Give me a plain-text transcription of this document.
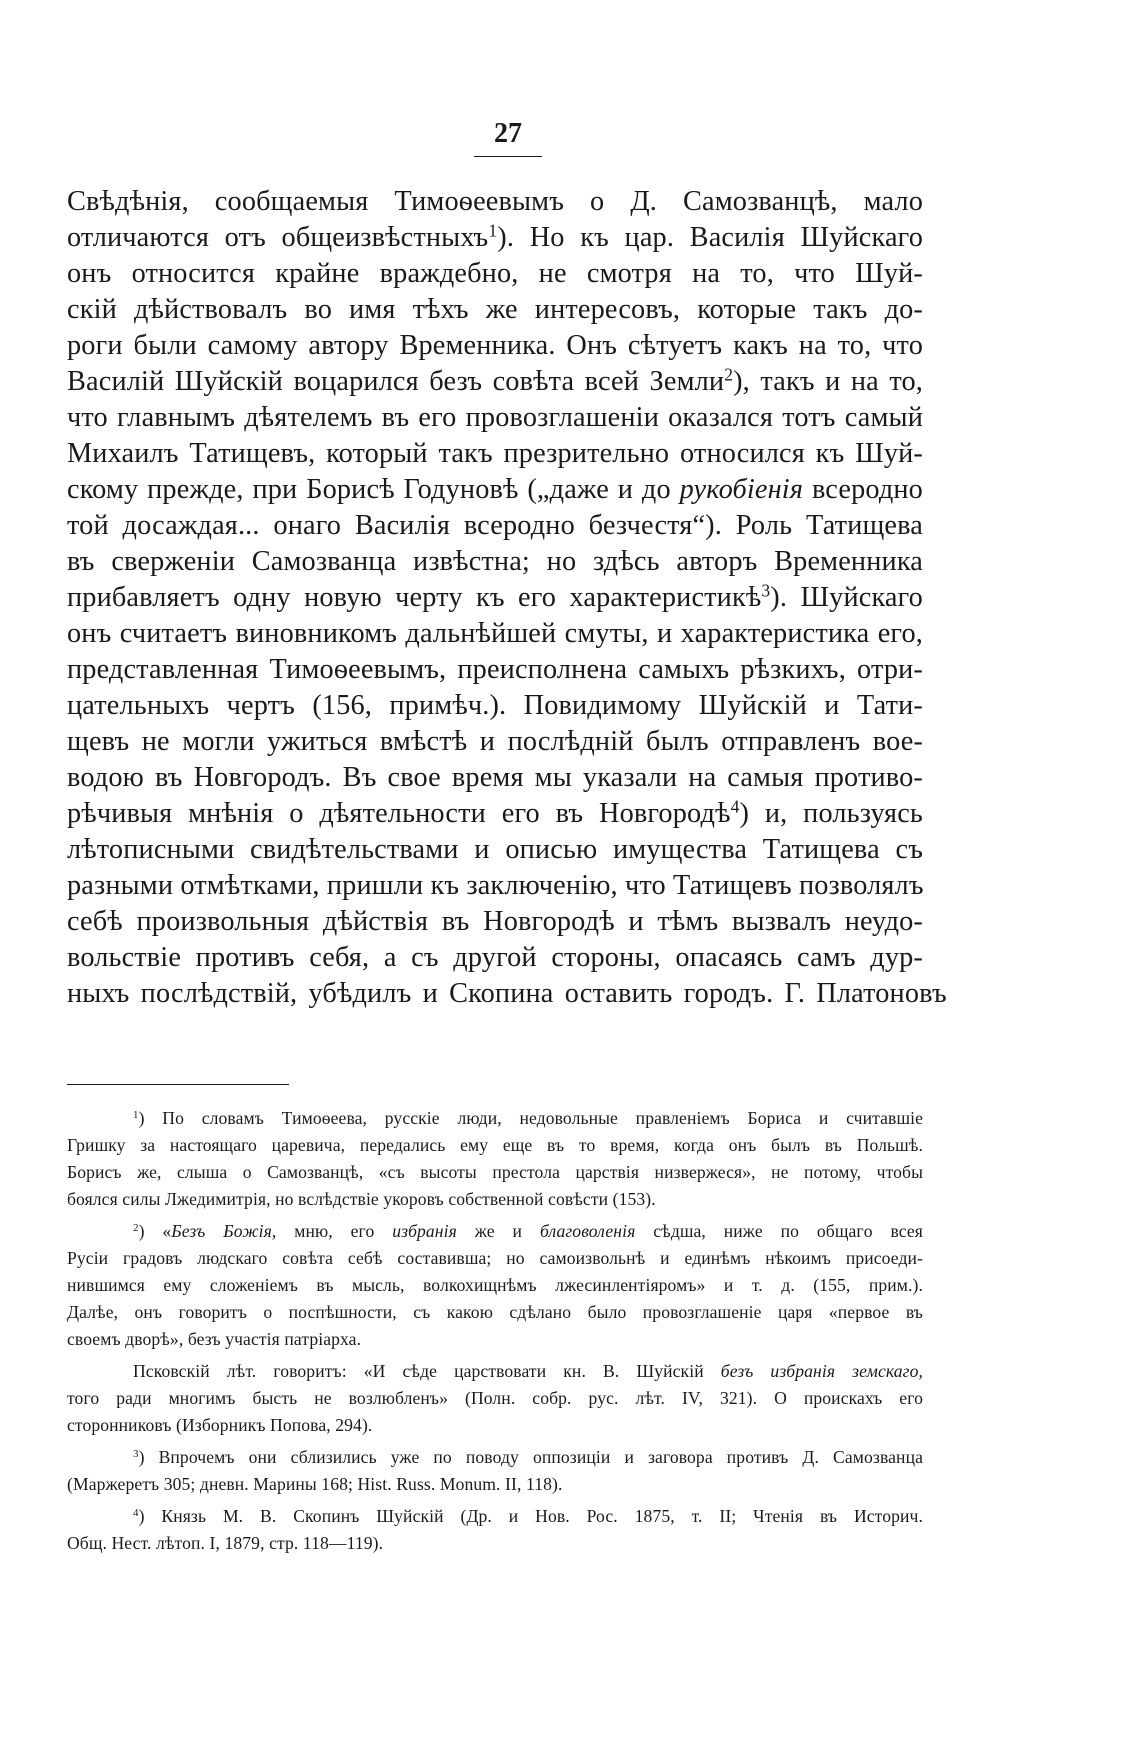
27
Свѣдѣнія, сообщаемыя Тимоѳеевымъ о Д. Самозванцѣ, мало
отличаются отъ общеизвѣстныхъ$^1$). Но къ цар. Василія Шуйскаго
онъ относится крайне враждебно, не смотря на то, что Шуй-
скій дѣйствовалъ во имя тѣхъ же интересовъ, которые такъ до-
роги были самому автору Временника. Онъ сѣтуетъ какъ на то, что
Василій Шуйскій воцарился безъ совѣта всей Земли$^2$), такъ и на то,
что главнымъ дѣятелемъ въ его провозглашеніи оказался тотъ самый
Михаилъ Татищевъ, который такъ презрительно относился къ Шуй-
скому прежде, при Борисѣ Годуновѣ („даже и до рукобіенія всеродно
той досаждая... онаго Василія всеродно безчестя“). Роль Татищева
въ сверженіи Самозванца извѣстна; но здѣсь авторъ Временника
прибавляетъ одну новую черту къ его характеристикѣ$^3$). Шуйскаго
онъ считаетъ виновникомъ дальнѣйшей смуты, и характеристика его,
представленная Тимоѳеевымъ, преисполнена самыхъ рѣзкихъ, отри-
цательныхъ чертъ (156, примѣч.). Повидимому Шуйскій и Тати-
щевъ не могли ужиться вмѣстѣ и послѣдній былъ отправленъ вое-
водою въ Новгородъ. Въ свое время мы указали на самыя противо-
рѣчивыя мнѣнія о дѣятельности его въ Новгородѣ$^4$) и, пользуясь
лѣтописными свидѣтельствами и описью имущества Татищева съ
разными отмѣтками, пришли къ заключенію, что Татищевъ позволялъ
себѣ произвольныя дѣйствія въ Новгородѣ и тѣмъ вызвалъ неудо-
вольствіе противъ себя, а съ другой стороны, опасаясь самъ дур-
ныхъ послѣдствій, убѣдилъ и Скопина оставить городъ. Г. Платоновъ
$^1$) По словамъ Тимоѳеева, русскіе люди, недовольные правленіемъ Бориса и считавшіе
Гришку за настоящаго царевича, передались ему еще въ то время, когда онъ былъ въ Польшѣ.
Борисъ же, слыша о Самозванцѣ, «съ высоты престола царствія низвержеся», не потому, чтобы
боялся силы Лжедимитрія, но вслѣдствіе укоровъ собственной совѣсти (153).
$^2$) «Безъ Божія, мню, его избранія же и благоволенія сѣдша, ниже по общагo всея
Русіи градовъ людскаго совѣта себѣ составивша; но самоизвольнѣ и единѣмъ нѣкоимъ присоеди-
нившимся ему сложеніемъ въ мысль, волкохищнѣмъ лжесинлентіяромъ» и т. д. (155, прим.).
Далѣе, онъ говоритъ о поспѣшности, съ какою сдѣлано было провозглашеніе царя «первое въ
своемъ дворѣ», безъ участія патріарха.
Псковскій лѣт. говоритъ: «И сѣде царствовати кн. В. Шуйскій безъ избранія земскаго,
того ради многимъ бысть не возлюбленъ» (Полн. собр. рус. лѣт. IV, 321). О проискахъ его
сторонниковъ (Изборникъ Попова, 294).
$^3$) Впрочемъ они сблизились уже по поводу оппозиціи и заговора противъ Д. Самозванца
(Маржеретъ 305; дневн. Марины 168; Hist. Russ. Monum. II, 118).
$^4$) Князь М. В. Скопинъ Шуйскій (Др. и Нов. Рос. 1875, т. II; Чтенія въ Историч.
Общ. Нест. лѣтоп. I, 1879, стр. 118—119).
